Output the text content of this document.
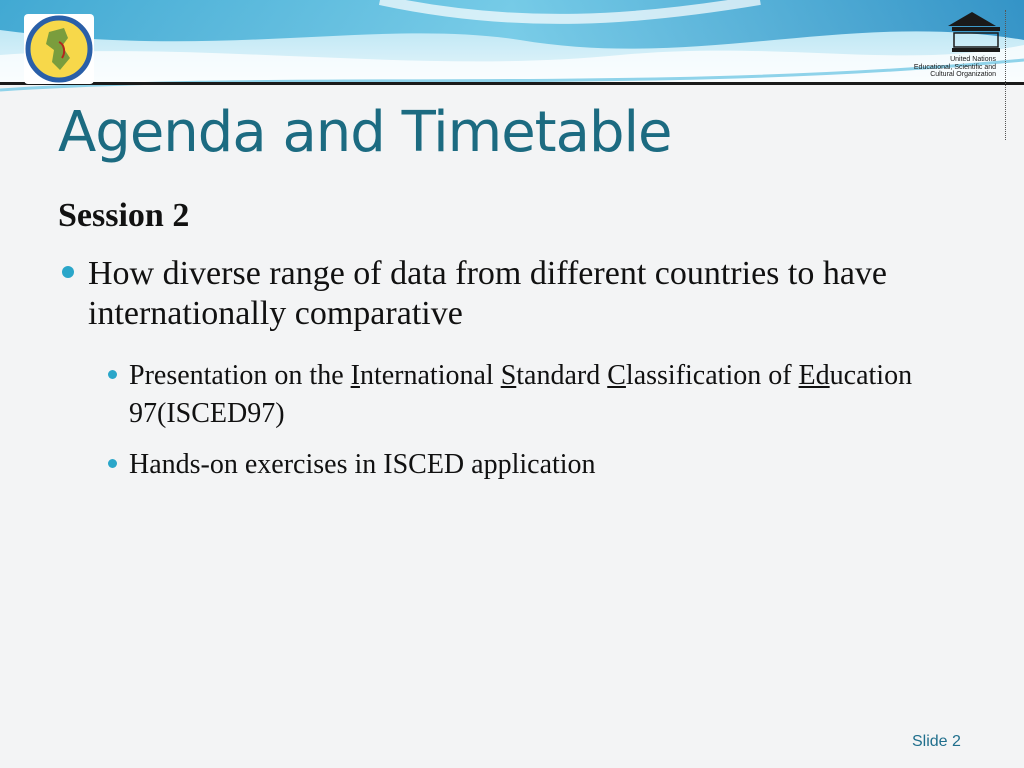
United Nations
Educational, Scientific and
Cultural Organization
Agenda and Timetable
Session 2
How diverse range of data from different countries to have internationally comparative
Presentation on the International Standard Classification of Education 97(ISCED97)
Hands-on exercises in ISCED application
Slide 2
